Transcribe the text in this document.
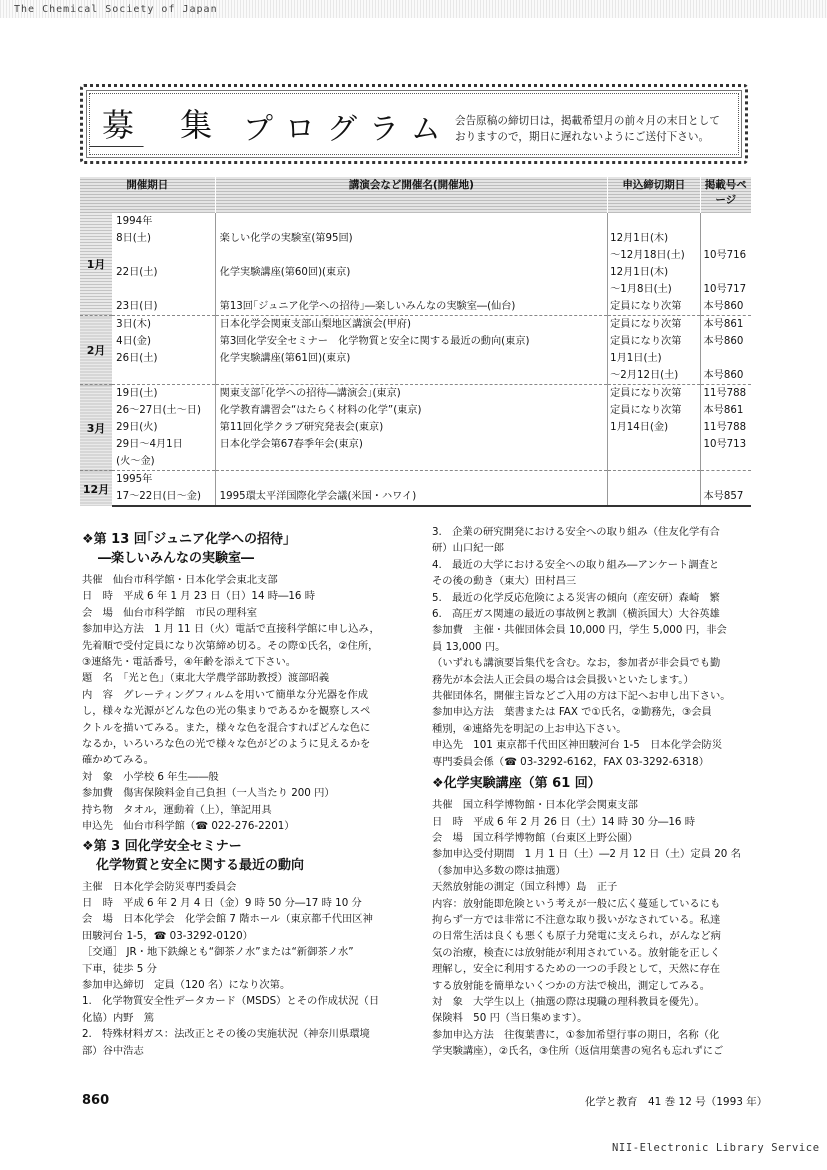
The Chemical Society of Japan
募 集 プログラム 会告原稿の締切日は，掲載希望月の前々月の末日として
おりますので，期日に遅れないようにご送付下さい。
開催期日		講演会など開催名(開催地)	申込締切期日	掲載号ページ
1月	1994年			
	8日(土)	楽しい化学の実験室(第95回)	12月1日(木)	
			～12月18日(土)	10号716
	22日(土)	化学実験講座(第60回)(東京)	12月1日(木)	
			～1月8日(土)	10号717
	23日(日)	第13回｢ジュニア化学への招待｣―楽しいみんなの実験室―(仙台)	定員になり次第	本号860
2月	3日(木)	日本化学会関東支部山梨地区講演会(甲府)	定員になり次第	本号861
	4日(金)	第3回化学安全セミナー　化学物質と安全に関する最近の動向(東京)	定員になり次第	本号860
	26日(土)	化学実験講座(第61回)(東京)	1月1日(土)	
			～2月12日(土)	本号860
3月	19日(土)	関東支部｢化学への招待―講演会｣(東京)	定員になり次第	11号788
	26～27日(土～日)	化学教育講習会“はたらく材料の化学”(東京)	定員になり次第	本号861
	29日(火)	第11回化学クラブ研究発表会(東京)	1月14日(金)	11号788
	29日～4月1日	日本化学会第67春季年会(東京)		10号713
	(火～金)			
12月	1995年			
	17～22日(日～金)	1995環太平洋国際化学会議(米国・ハワイ)		本号857

❖第 13 回｢ジュニア化学への招待｣

―楽しいみんなの実験室―

共催　仙台市科学館・日本化学会東北支部

日　時　平成 6 年 1 月 23 日（日）14 時―16 時

会　場　仙台市科学館　市民の理科室

参加申込方法　1 月 11 日（火）電話で直接科学館に申し込み，

先着順で受付定員になり次第締め切る。その際①氏名，②住所，

③連絡先・電話番号，④年齢を添えて下さい。

題　名　｢光と色｣（東北大学農学部助教授）渡部昭義

内　容　グレーティングフィルムを用いて簡単な分光器を作成

し，様々な光源がどんな色の光の集まりであるかを観察しスペ

クトルを描いてみる。また，様々な色を混合すればどんな色に

なるか，いろいろな色の光で様々な色がどのように見えるかを

確かめてみる。

対　象　小学校 6 年生――般

参加費　傷害保険料金自己負担（一人当たり 200 円）

持ち物　タオル，運動着（上），筆記用具

申込先　仙台市科学館（☎ 022-276-2201）

❖第 3 回化学安全セミナー

化学物質と安全に関する最近の動向

主催　日本化学会防災専門委員会

日　時　平成 6 年 2 月 4 日（金）9 時 50 分―17 時 10 分

会　場　日本化学会　化学会館 7 階ホール（東京都千代田区神

田駿河台 1-5，☎ 03-3292-0120）

［交通］ JR・地下鉄線とも“御茶ノ水”または“新御茶ノ水”

下車，徒歩 5 分

参加申込締切　定員（120 名）になり次第。

1.　化学物質安全性データカード（MSDS）とその作成状況（日

化協）内野　篤

2.　特殊材料ガス：法改正とその後の実施状況（神奈川県環境

部）谷中浩志

3.　企業の研究開発における安全への取り組み（住友化学有合

研）山口紀一郎

4.　最近の大学における安全への取り組み―アンケート調査と

その後の動き（東大）田村昌三

5.　最近の化学反応危険による災害の傾向（産安研）森崎　繁

6.　高圧ガス関連の最近の事故例と教訓（横浜国大）大谷英雄

参加費　主催・共催団体会員 10,000 円，学生 5,000 円，非会

員 13,000 円。

（いずれも講演要旨集代を含む。なお，参加者が非会員でも勤

務先が本会法人正会員の場合は会員扱いといたします。）

共催団体名，開催主旨などご入用の方は下記へお申し出下さい。

参加申込方法　葉書または FAX で①氏名，②勤務先，③会員

種別，④連絡先を明記の上お申込下さい。

申込先　101 東京都千代田区神田駿河台 1-5　日本化学会防災

専門委員会係（☎ 03-3292-6162，FAX 03-3292-6318）

❖化学実験講座（第 61 回）

共催　国立科学博物館・日本化学会関東支部

日　時　平成 6 年 2 月 26 日（土）14 時 30 分―16 時

会　場　国立科学博物館（台東区上野公園）

参加申込受付期間　1 月 1 日（土）―2 月 12 日（土）定員 20 名

（参加申込多数の際は抽選）

天然放射能の測定（国立科博）島　正子

内容：放射能即危険という考えが一般に広く蔓延しているにも

拘らず一方では非常に不注意な取り扱いがなされている。私達

の日常生活は良くも悪くも原子力発電に支えられ，がんなど病

気の治療，検査には放射能が利用されている。放射能を正しく

理解し，安全に利用するための一つの手段として，天然に存在

する放射能を簡単ないくつかの方法で検出，測定してみる。

対　象　大学生以上（抽選の際は現職の理科教員を優先）。

保険料　50 円（当日集めます）。

参加申込方法　往復葉書に，①参加希望行事の期日，名称（化

学実験講座），②氏名，③住所（返信用葉書の宛名も忘れずにご

860	化学と教育　41 巻 12 号（1993 年）
NII-Electronic Library Service
